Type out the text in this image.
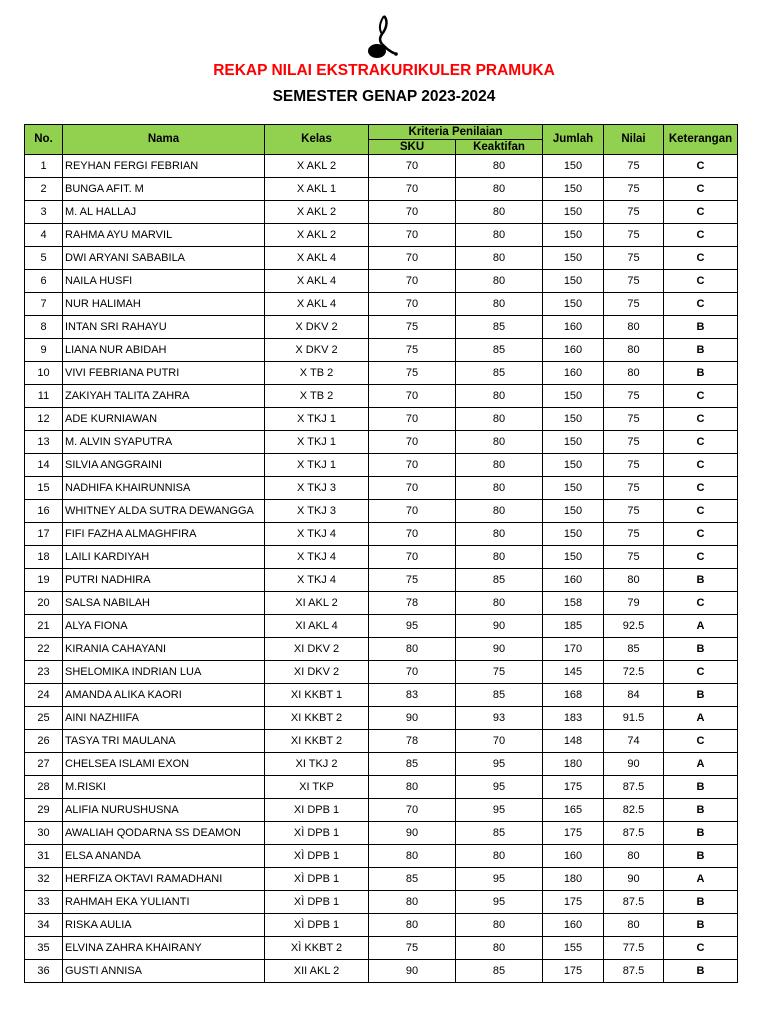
REKAP NILAI EKSTRAKURIKULER PRAMUKA
SEMESTER GENAP 2023-2024
No.	Nama	Kelas	Kriteria Penilaian		Jumlah	Nilai	Keterangan
			SKU	Keaktifan			
1	REYHAN FERGI FEBRIAN	X AKL 2	70	80	150	75	C
2	BUNGA AFIT. M	X AKL 1	70	80	150	75	C
3	M. AL HALLAJ	X AKL 2	70	80	150	75	C
4	RAHMA AYU MARVIL	X AKL 2	70	80	150	75	C
5	DWI ARYANI SABABILA	X AKL 4	70	80	150	75	C
6	NAILA HUSFI	X AKL 4	70	80	150	75	C
7	NUR HALIMAH	X AKL 4	70	80	150	75	C
8	INTAN SRI RAHAYU	X DKV 2	75	85	160	80	B
9	LIANA NUR ABIDAH	X DKV 2	75	85	160	80	B
10	VIVI FEBRIANA PUTRI	X TB 2	75	85	160	80	B
11	ZAKIYAH TALITA ZAHRA	X TB 2	70	80	150	75	C
12	ADE KURNIAWAN	X TKJ 1	70	80	150	75	C
13	M. ALVIN SYAPUTRA	X TKJ 1	70	80	150	75	C
14	SILVIA ANGGRAINI	X TKJ 1	70	80	150	75	C
15	NADHIFA KHAIRUNNISA	X TKJ 3	70	80	150	75	C
16	WHITNEY ALDA SUTRA DEWANGGA	X TKJ 3	70	80	150	75	C
17	FIFI FAZHA ALMAGHFIRA	X TKJ 4	70	80	150	75	C
18	LAILI KARDIYAH	X TKJ 4	70	80	150	75	C
19	PUTRI NADHIRA	X TKJ 4	75	85	160	80	B
20	SALSA NABILAH	XI AKL 2	78	80	158	79	C
21	ALYA FIONA	XI AKL 4	95	90	185	92.5	A
22	KIRANIA CAHAYANI	XI DKV 2	80	90	170	85	B
23	SHELOMIKA INDRIAN LUA	XI DKV 2	70	75	145	72.5	C
24	AMANDA ALIKA KAORI	XI KKBT 1	83	85	168	84	B
25	AINI NAZHIIFA	XI KKBT 2	90	93	183	91.5	A
26	TASYA TRI MAULANA	XI KKBT 2	78	70	148	74	C
27	CHELSEA ISLAMI EXON	XI TKJ 2	85	95	180	90	A
28	M.RISKI	XI TKP	80	95	175	87.5	B
29	ALIFIA NURUSHUSNA	XI DPB 1	70	95	165	82.5	B
30	AWALIAH QODARNA SS DEAMON	XÌ DPB 1	90	85	175	87.5	B
31	ELSA ANANDA	XÌ DPB 1	80	80	160	80	B
32	HERFIZA OKTAVI RAMADHANI	XÌ DPB 1	85	95	180	90	A
33	RAHMAH EKA YULIANTI	XÌ DPB 1	80	95	175	87.5	B
34	RISKA AULIA	XÌ DPB 1	80	80	160	80	B
35	ELVINA ZAHRA KHAIRANY	XÌ KKBT 2	75	80	155	77.5	C
36	GUSTI ANNISA	XII AKL 2	90	85	175	87.5	B
